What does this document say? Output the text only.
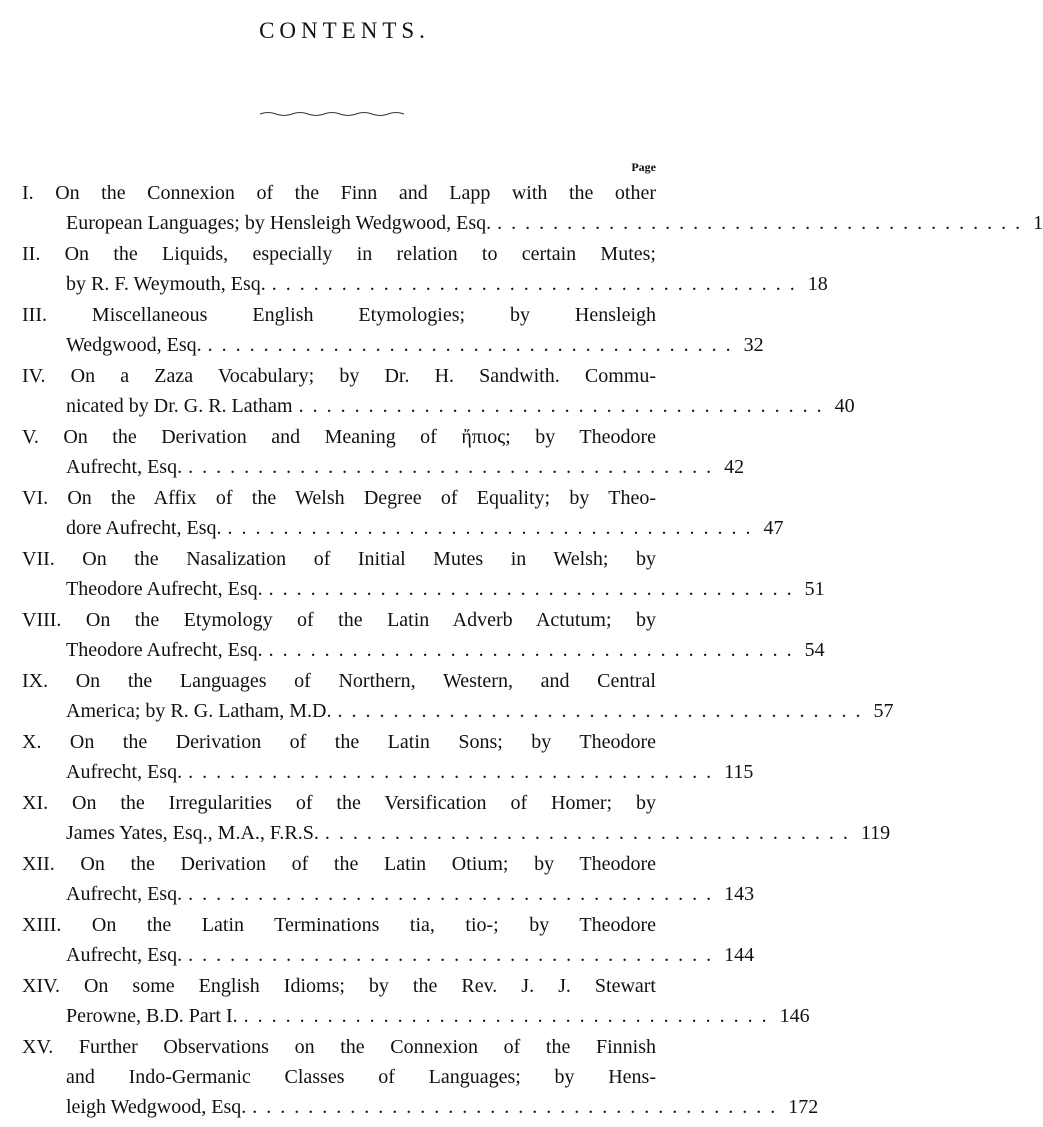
CONTENTS.
Page
I. On the Connexion of the Finn and Lapp with the other
European Languages; by Hensleigh Wedgwood, Esq. ...................................... 1
II. On the Liquids, especially in relation to certain Mutes;
by R. F. Weymouth, Esq. ...................................... 18
III. Miscellaneous English Etymologies; by Hensleigh
Wedgwood, Esq. ...................................... 32
IV. On a Zaza Vocabulary; by Dr. H. Sandwith. Commu-
nicated by Dr. G. R. Latham ...................................... 40
V. On the Derivation and Meaning of ἤπιος; by Theodore
Aufrecht, Esq. ...................................... 42
VI. On the Affix of the Welsh Degree of Equality; by Theo-
dore Aufrecht, Esq. ...................................... 47
VII. On the Nasalization of Initial Mutes in Welsh; by
Theodore Aufrecht, Esq. ...................................... 51
VIII. On the Etymology of the Latin Adverb Actutum; by
Theodore Aufrecht, Esq. ...................................... 54
IX. On the Languages of Northern, Western, and Central
America; by R. G. Latham, M.D. ...................................... 57
X. On the Derivation of the Latin Sons; by Theodore
Aufrecht, Esq. ...................................... 115
XI. On the Irregularities of the Versification of Homer; by
James Yates, Esq., M.A., F.R.S. ...................................... 119
XII. On the Derivation of the Latin Otium; by Theodore
Aufrecht, Esq. ...................................... 143
XIII. On the Latin Terminations tia, tio-; by Theodore
Aufrecht, Esq. ...................................... 144
XIV. On some English Idioms; by the Rev. J. J. Stewart
Perowne, B.D. Part I. ...................................... 146
XV. Further Observations on the Connexion of the Finnish
and Indo-Germanic Classes of Languages; by Hens-
leigh Wedgwood, Esq. ...................................... 172
